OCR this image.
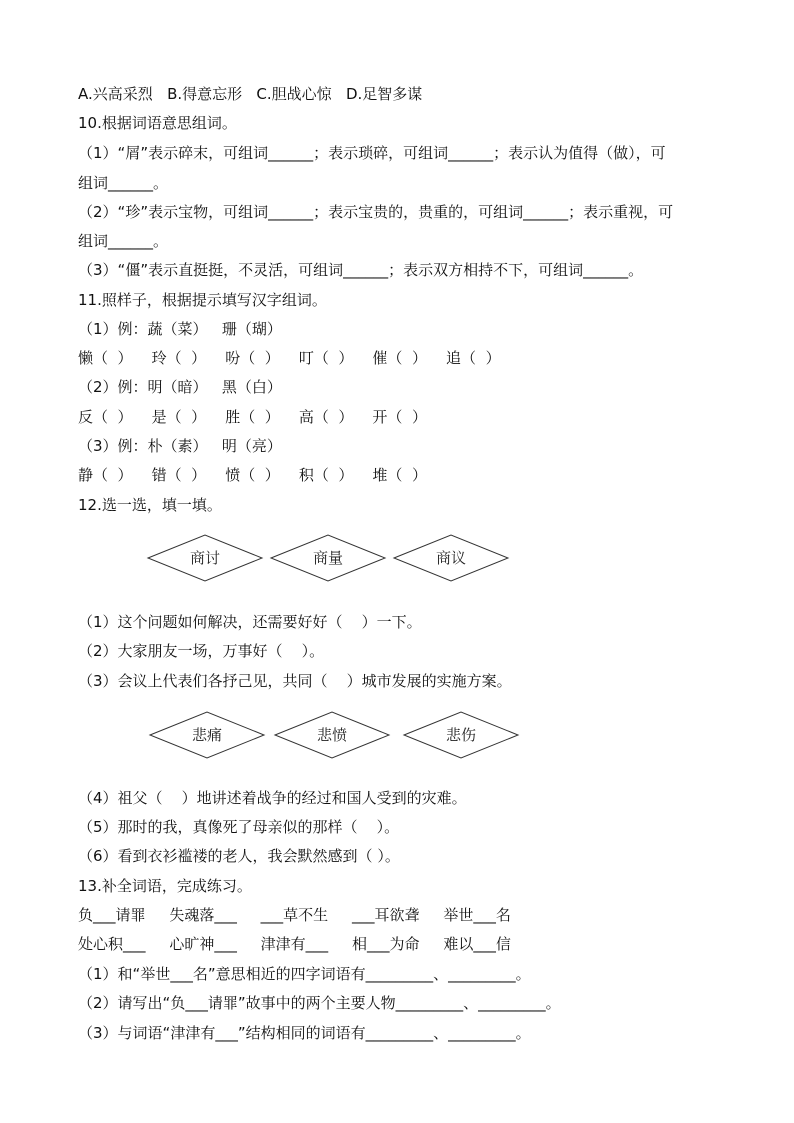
A.兴高采烈   B.得意忘形   C.胆战心惊   D.足智多谋
10.根据词语意思组词。
（1）“屑”表示碎末，可组词______；表示琐碎，可组词______；表示认为值得（做），可
组词______。
（2）“珍”表示宝物，可组词______；表示宝贵的，贵重的，可组词______；表示重视，可
组词______。
（3）“僵”表示直挺挺，不灵活，可组词______；表示双方相持不下，可组词______。
11.照样子，根据提示填写汉字组词。
（1）例：蔬（菜）   珊（瑚）
懒（  ）    玲（  ）    吩（  ）    叮（  ）    催（  ）    追（  ）
（2）例：明（暗）   黑（白）
反（  ）    是（  ）    胜（  ）    高（  ）    开（  ）
（3）例：朴（素）   明（亮）
静（  ）    错（  ）    愤（  ）    积（  ）    堆（  ）
12.选一选，填一填。
商讨	商量	商议
悲痛	悲愤	悲伤
（1）这个问题如何解决，还需要好好（    ）一下。
（2）大家朋友一场，万事好（    ）。
（3）会议上代表们各抒己见，共同（    ）城市发展的实施方案。
（4）祖父（    ）地讲述着战争的经过和国人受到的灾难。
（5）那时的我，真像死了母亲似的那样（    ）。
（6）看到衣衫褴褛的老人，我会默然感到（ ）。
13.补全词语，完成练习。
负___请罪     失魂落___     ___草不生     ___耳欲聋     举世___名
处心积___     心旷神___     津津有___     相___为命     难以___信
（1）和“举世___名”意思相近的四字词语有_________、_________。
（2）请写出“负___请罪”故事中的两个主要人物_________、_________。
（3）与词语“津津有___”结构相同的词语有_________、_________。
